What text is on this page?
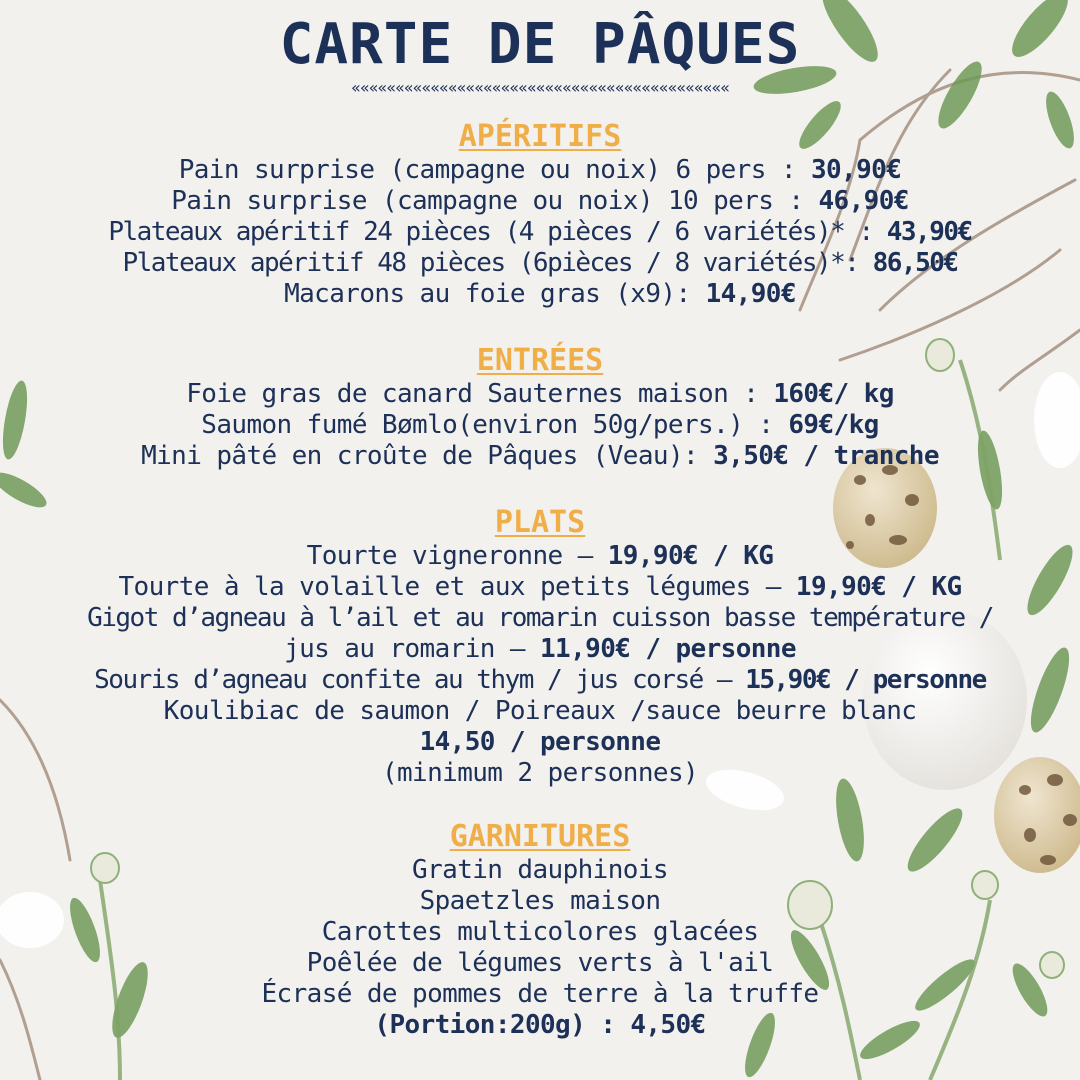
CARTE DE PÂQUES
«««««««««««««««««««««««««««««««««««««««««««
APÉRITIFS
Pain surprise (campagne ou noix) 6 pers : 30,90€
Pain surprise (campagne ou noix) 10 pers : 46,90€
Plateaux apéritif 24 pièces (4 pièces / 6 variétés)* : 43,90€
Plateaux apéritif 48 pièces (6pièces / 8 variétés)*: 86,50€
Macarons au foie gras (x9): 14,90€
ENTRÉES
Foie gras de canard Sauternes maison : 160€/ kg
Saumon fumé Bømlo(environ 50g/pers.) : 69€/kg
Mini pâté en croûte de Pâques (Veau): 3,50€ / tranche
PLATS
Tourte vigneronne – 19,90€ / KG
Tourte à la volaille et aux petits légumes – 19,90€ / KG
Gigot d’agneau à l’ail et au romarin cuisson basse température /
jus au romarin – 11,90€ / personne
Souris d’agneau confite au thym / jus corsé – 15,90€ / personne
Koulibiac de saumon / Poireaux /sauce beurre blanc
14,50 / personne
(minimum 2 personnes)
GARNITURES
Gratin dauphinois
Spaetzles maison
Carottes multicolores glacées
Poêlée de légumes verts à l'ail
Écrasé de pommes de terre à la truffe
(Portion:200g) : 4,50€
